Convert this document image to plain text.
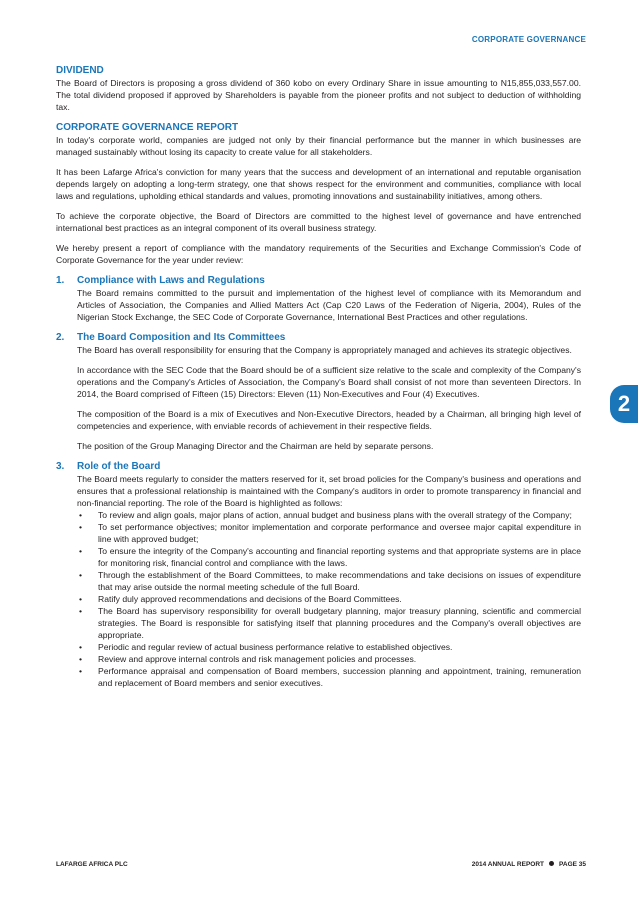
CORPORATE GOVERNANCE
2
DIVIDEND

The Board of Directors is proposing a gross dividend of 360 kobo on every Ordinary Share in issue amounting to N15,855,033,557.00. The total dividend proposed if approved by Shareholders is payable from the pioneer profits and not subject to deduction of withholding tax.

CORPORATE GOVERNANCE REPORT

In today's corporate world, companies are judged not only by their financial performance but the manner in which businesses are managed sustainably without losing its capacity to create value for all stakeholders.

It has been Lafarge Africa's conviction for many years that the success and development of an international and reputable organisation depends largely on adopting a long-term strategy, one that shows respect for the environment and communities, compliance with local laws and regulations, upholding ethical standards and values, promoting innovations and sustainability initiatives, among others.

To achieve the corporate objective, the Board of Directors are committed to the highest level of governance and have entrenched international best practices as an integral component of its overall business strategy.

We hereby present a report of compliance with the mandatory requirements of the Securities and Exchange Commission's Code of Corporate Governance for the year under review:

1. Compliance with Laws and Regulations

The Board remains committed to the pursuit and implementation of the highest level of compliance with its Memorandum and Articles of Association, the Companies and Allied Matters Act (Cap C20 Laws of the Federation of Nigeria, 2004), Rules of the Nigerian Stock Exchange, the SEC Code of Corporate Governance, International Best Practices and other regulations.

2. The Board Composition and Its Committees

The Board has overall responsibility for ensuring that the Company is appropriately managed and achieves its strategic objectives.

In accordance with the SEC Code that the Board should be of a sufficient size relative to the scale and complexity of the Company's operations and the Company's Articles of Association, the Company's Board shall consist of not more than seventeen Directors. In 2014, the Board comprised of Fifteen (15) Directors: Eleven (11) Non-Executives and Four (4) Executives.

The composition of the Board is a mix of Executives and Non-Executive Directors, headed by a Chairman, all bringing high level of competencies and experience, with enviable records of achievement in their respective fields.

The position of the Group Managing Director and the Chairman are held by separate persons.

3. Role of the Board

The Board meets regularly to consider the matters reserved for it, set broad policies for the Company's business and operations and ensures that a professional relationship is maintained with the Company's auditors in order to promote transparency in financial and non-financial reporting. The role of the Board is highlighted as follows:

• To review and align goals, major plans of action, annual budget and business plans with the overall strategy of the Company;
• To set performance objectives; monitor implementation and corporate performance and oversee major capital expenditure in line with approved budget;
• To ensure the integrity of the Company's accounting and financial reporting systems and that appropriate systems are in place for monitoring risk, financial control and compliance with the laws.
• Through the establishment of the Board Committees, to make recommendations and take decisions on issues of expenditure that may arise outside the normal meeting schedule of the full Board.
• Ratify duly approved recommendations and decisions of the Board Committees.
• The Board has supervisory responsibility for overall budgetary planning, major treasury planning, scientific and commercial strategies. The Board is responsible for satisfying itself that planning procedures and the Company's overall objectives are appropriate.
• Periodic and regular review of actual business performance relative to established objectives.
• Review and approve internal controls and risk management policies and processes.
• Performance appraisal and compensation of Board members, succession planning and appointment, training, remuneration and replacement of Board members and senior executives.
LAFARGE AFRICA PLC	2014 ANNUAL REPORT PAGE 35
